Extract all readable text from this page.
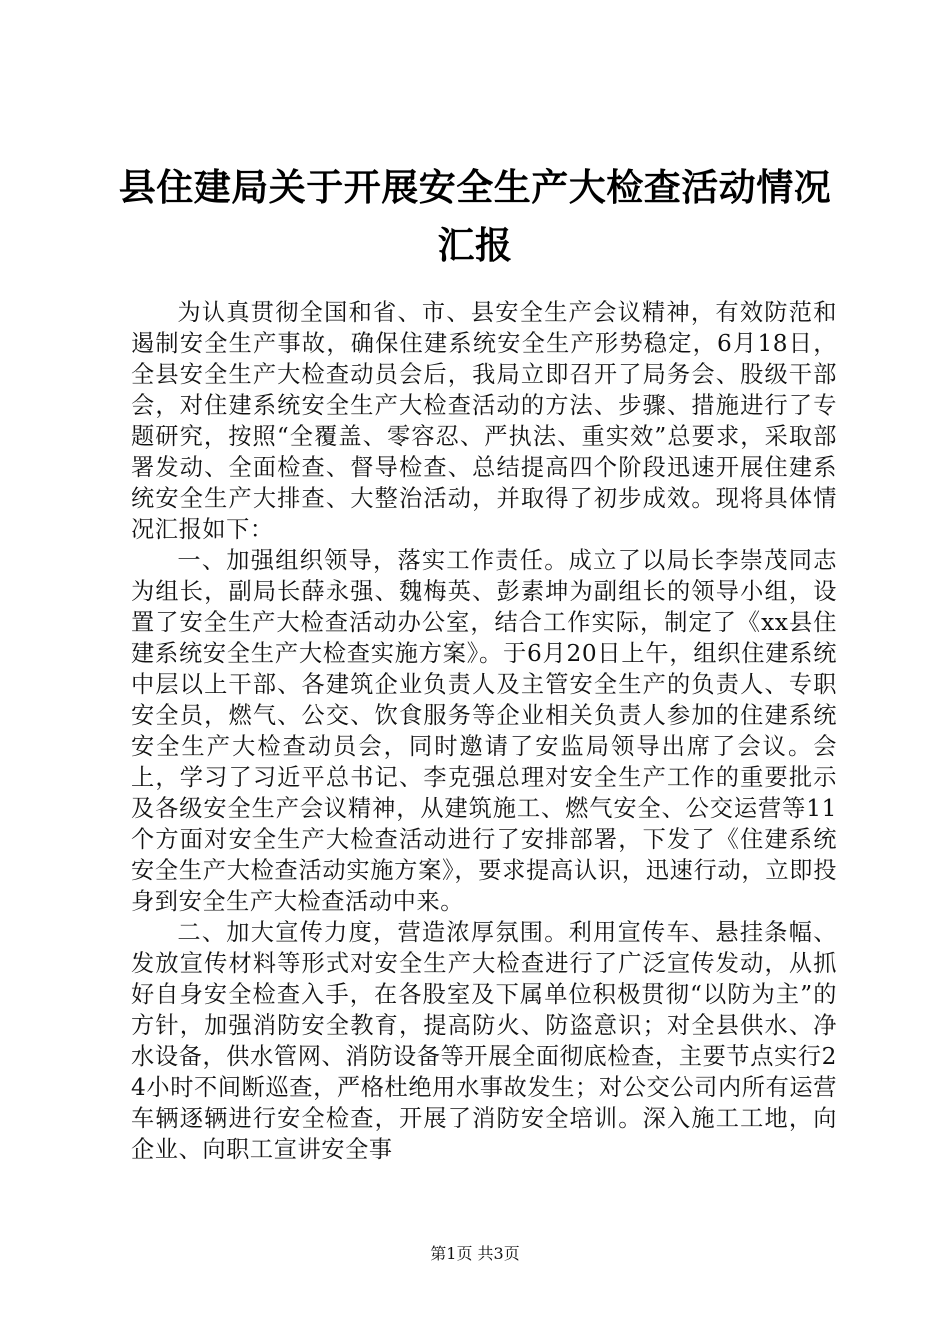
县住建局关于开展安全生产大检查活动情况汇报

为认真贯彻全国和省、市、县安全生产会议精神，有效防范和遏制安全生产事故，确保住建系统安全生产形势稳定，6月18日，全县安全生产大检查动员会后，我局立即召开了局务会、股级干部会，对住建系统安全生产大检查活动的方法、步骤、措施进行了专题研究，按照“全覆盖、零容忍、严执法、重实效”总要求，采取部署发动、全面检查、督导检查、总结提高四个阶段迅速开展住建系统安全生产大排查、大整治活动，并取得了初步成效。现将具体情况汇报如下：

一、加强组织领导，落实工作责任。成立了以局长李崇茂同志为组长，副局长薛永强、魏梅英、彭素坤为副组长的领导小组，设置了安全生产大检查活动办公室，结合工作实际，制定了《xx县住建系统安全生产大检查实施方案》。于6月20日上午，组织住建系统中层以上干部、各建筑企业负责人及主管安全生产的负责人、专职安全员，燃气、公交、饮食服务等企业相关负责人参加的住建系统安全生产大检查动员会，同时邀请了安监局领导出席了会议。会上，学习了习近平总书记、李克强总理对安全生产工作的重要批示及各级安全生产会议精神，从建筑施工、燃气安全、公交运营等11个方面对安全生产大检查活动进行了安排部署，下发了《住建系统安全生产大检查活动实施方案》，要求提高认识，迅速行动，立即投身到安全生产大检查活动中来。

二、加大宣传力度，营造浓厚氛围。利用宣传车、悬挂条幅、发放宣传材料等形式对安全生产大检查进行了广泛宣传发动，从抓好自身安全检查入手，在各股室及下属单位积极贯彻“以防为主”的方针，加强消防安全教育，提高防火、防盗意识；对全县供水、净水设备，供水管网、消防设备等开展全面彻底检查，主要节点实行24小时不间断巡查，严格杜绝用水事故发生；对公交公司内所有运营车辆逐辆进行安全检查，开展了消防安全培训。深入施工工地，向企业、向职工宣讲安全事

第1页 共3页
